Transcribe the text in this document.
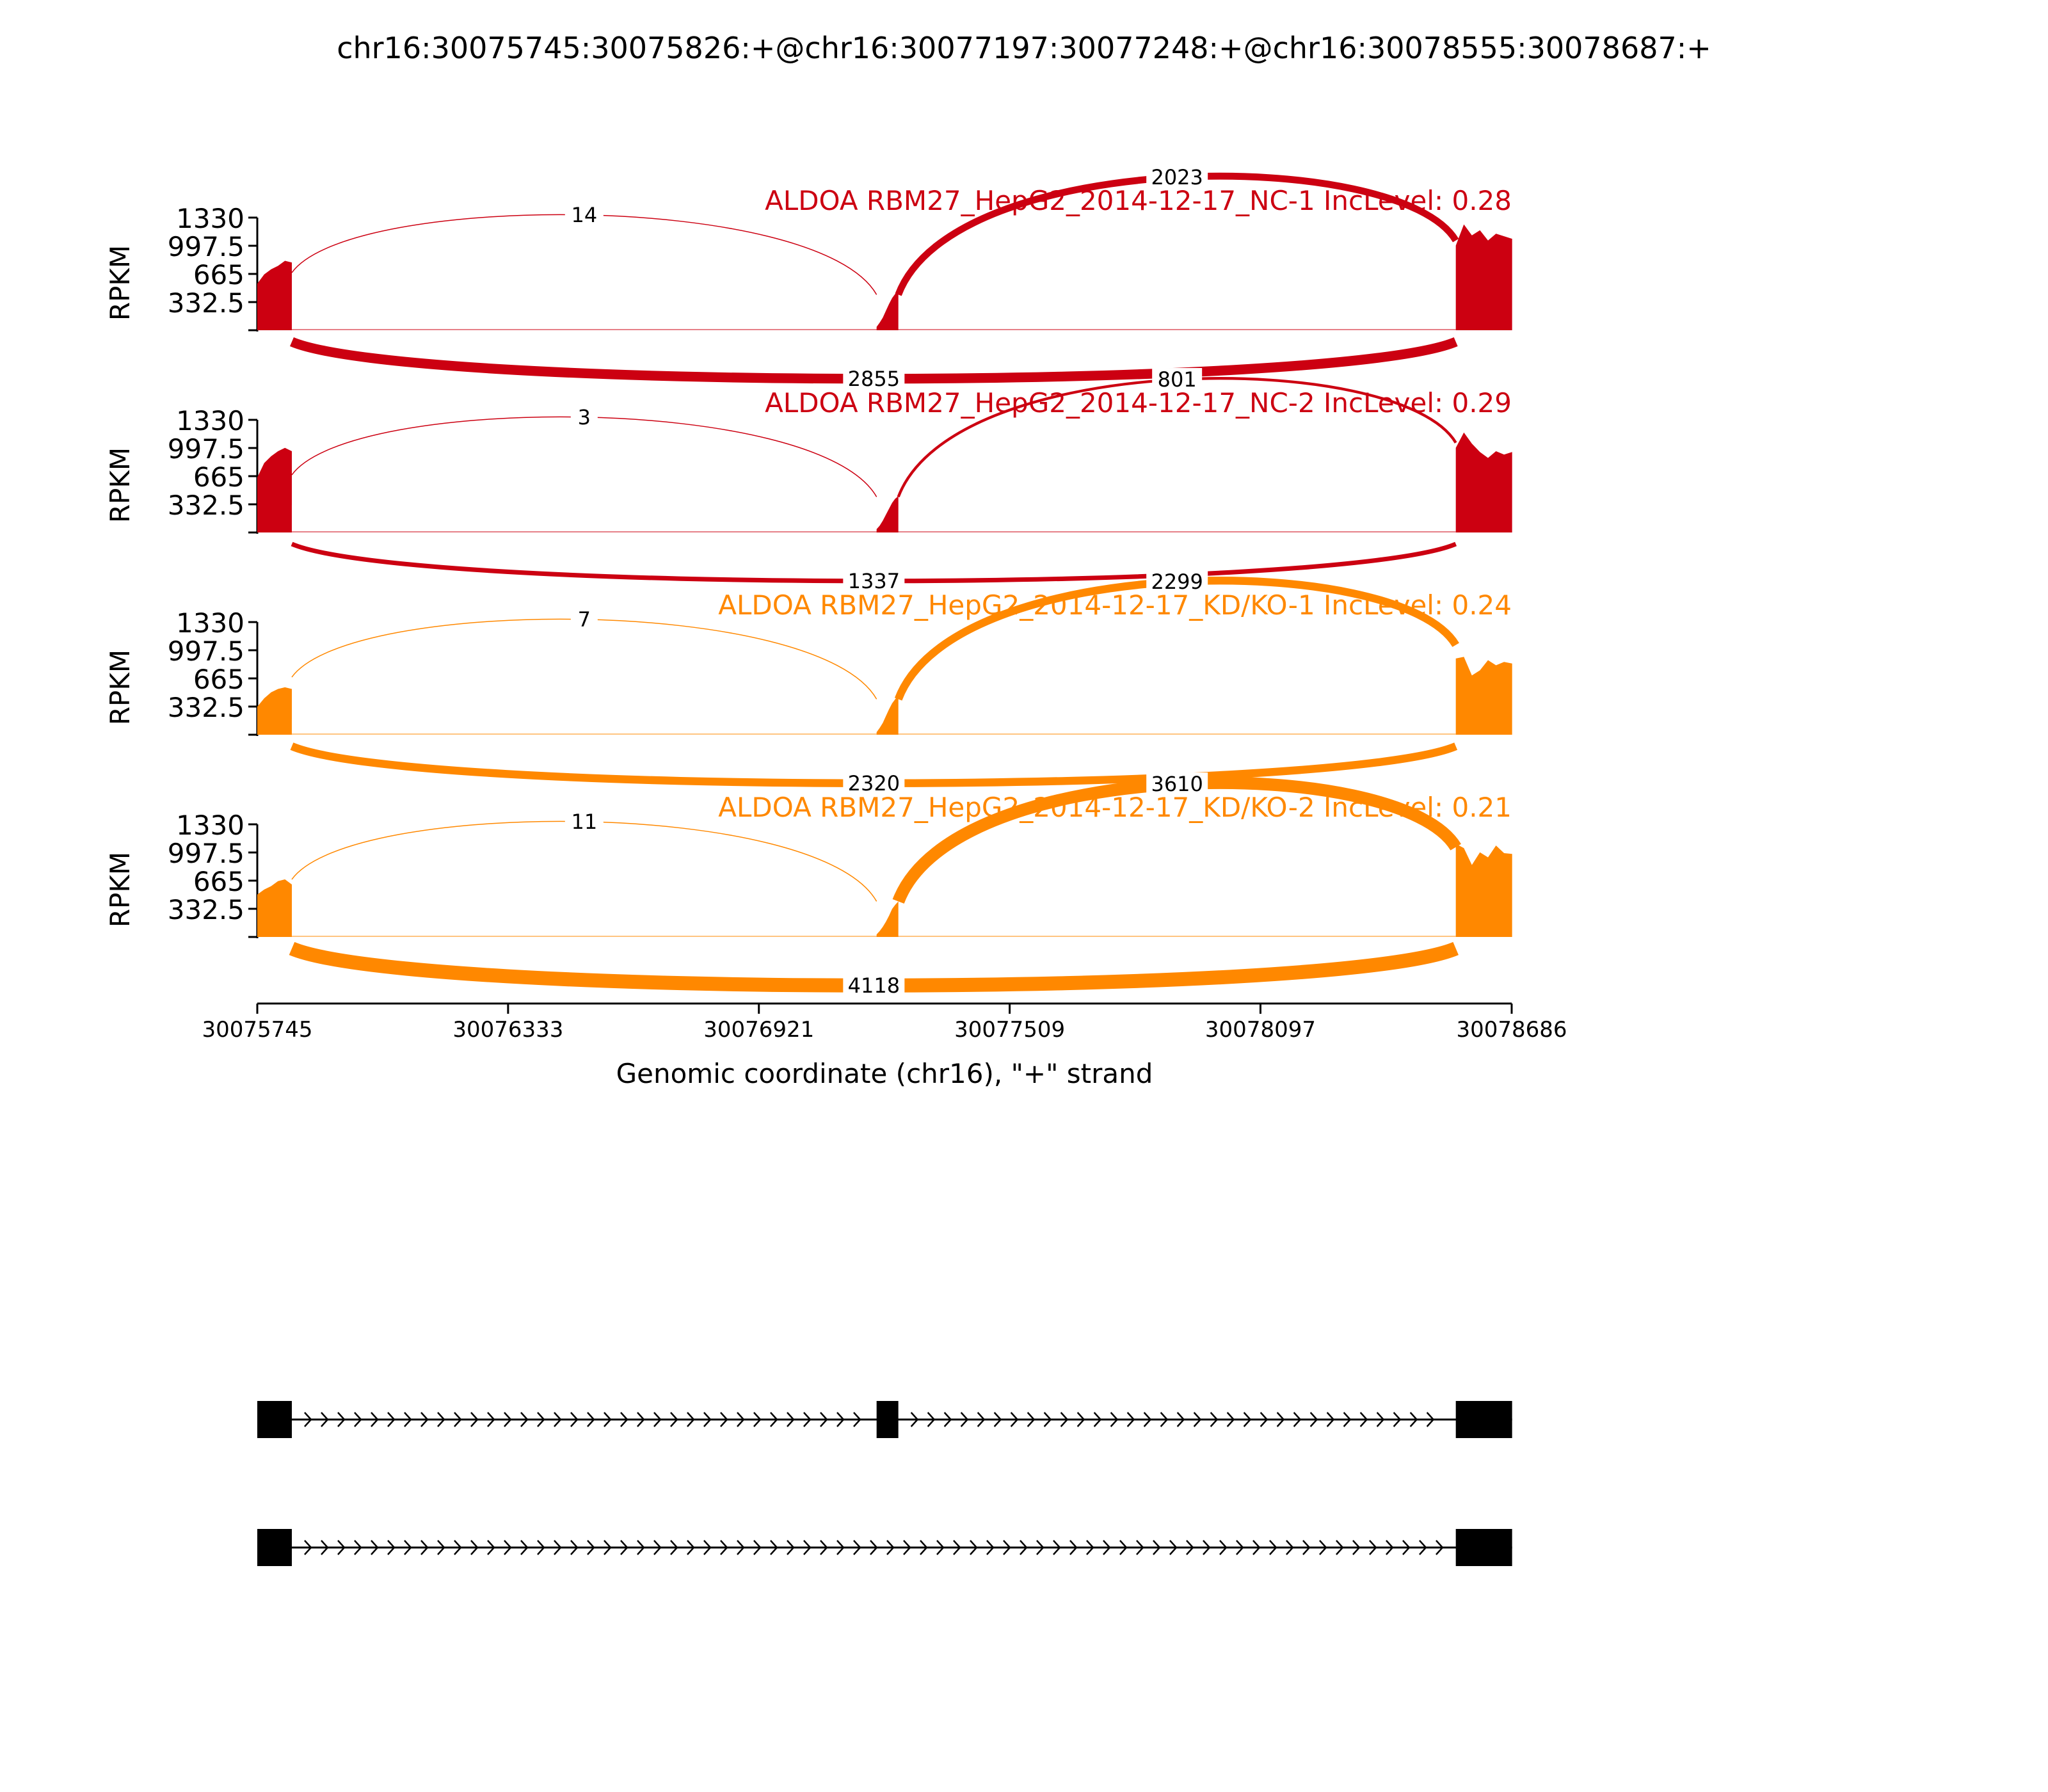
chr16:30075745:30075826:+@chr16:30077197:30077248:+@chr16:30078555:30078687:+
1330
997.5
665
332.5
RPKM
14
2023
2855
ALDOA RBM27_HepG2_2014-12-17_NC-1 IncLevel: 0.28
1330
997.5
665
332.5
RPKM
3
801
1337
ALDOA RBM27_HepG2_2014-12-17_NC-2 IncLevel: 0.29
1330
997.5
665
332.5
RPKM
7
2299
2320
ALDOA RBM27_HepG2_2014-12-17_KD/KO-1 IncLevel: 0.24
1330
997.5
665
332.5
RPKM
11
3610
4118
ALDOA RBM27_HepG2_2014-12-17_KD/KO-2 IncLevel: 0.21
30075745	30076333	30076921	30077509	30078097	30078686
Genomic coordinate (chr16), "+" strand
